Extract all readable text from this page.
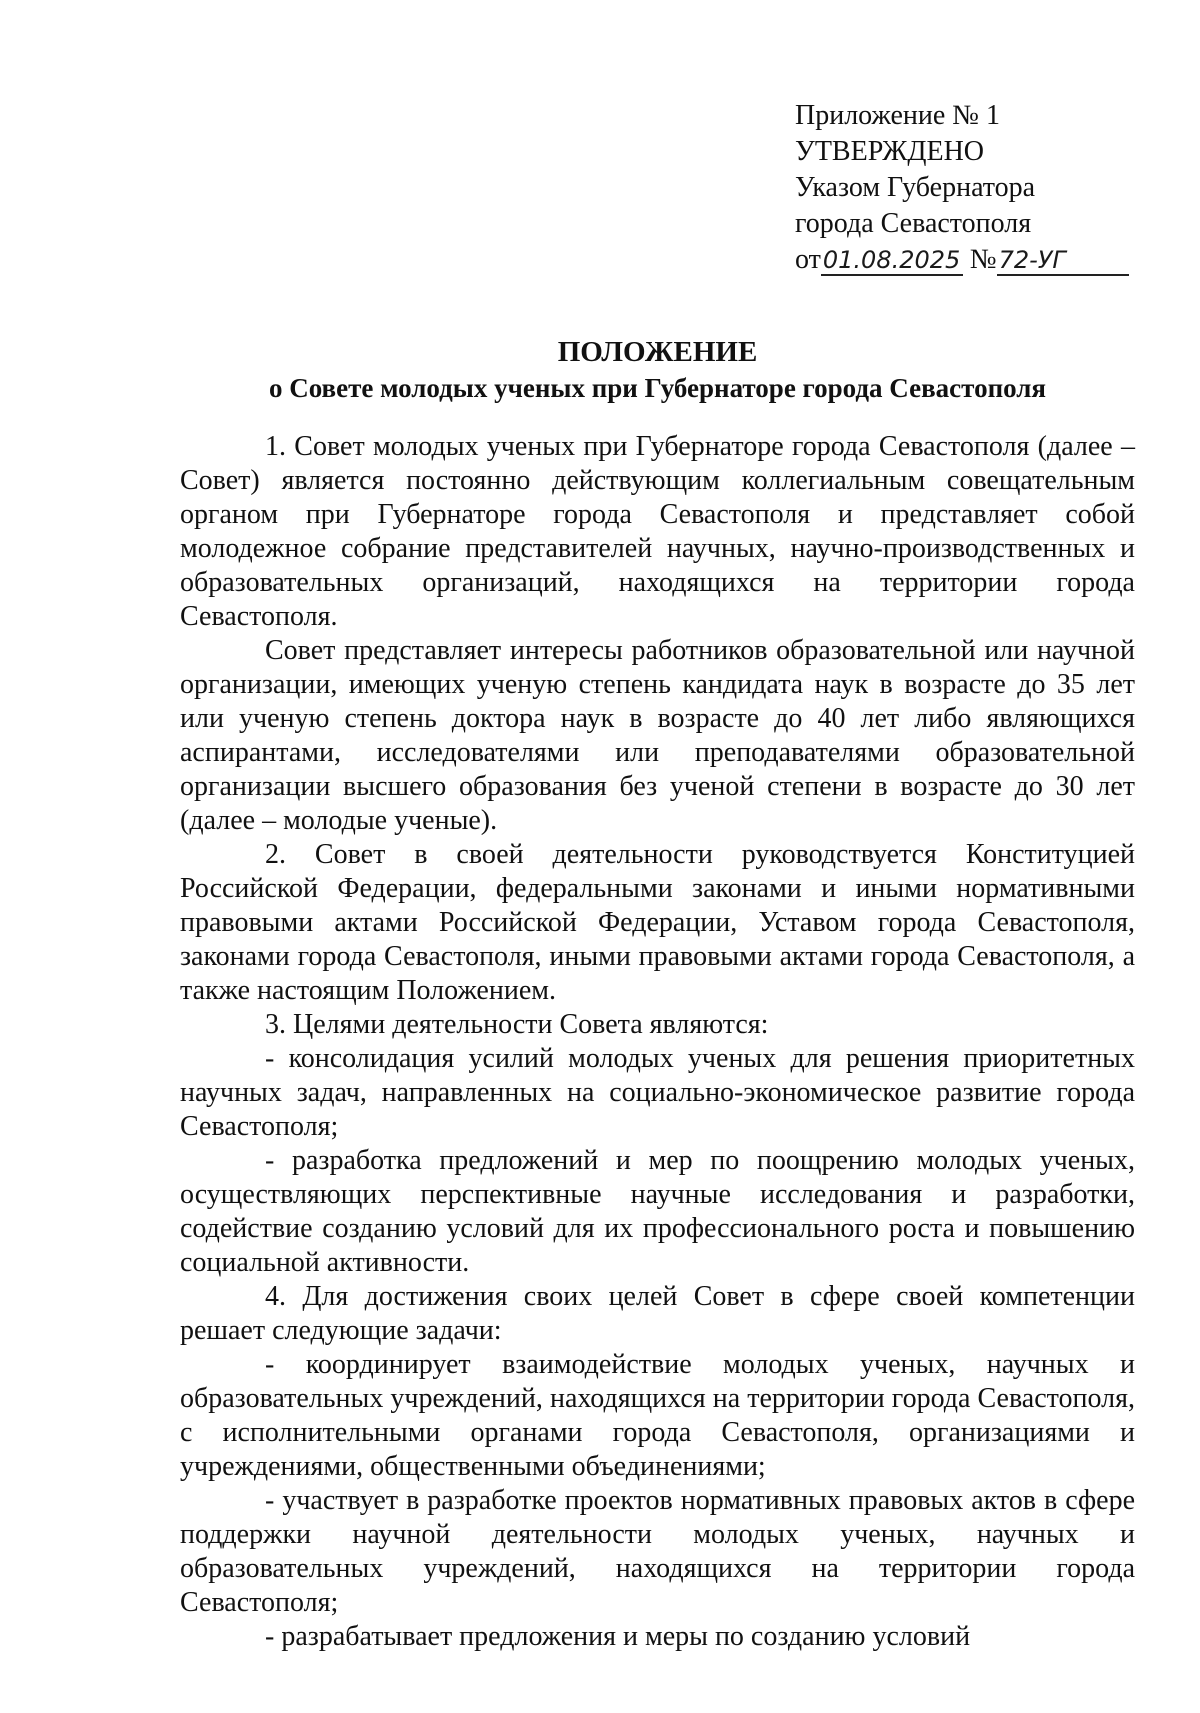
Приложение № 1
УТВЕРЖДЕНО
Указом Губернатора
города Севастополя
от01.08.2025 №72-УГ
ПОЛОЖЕНИЕ
о Совете молодых ученых при Губернаторе города Севастополя

1. Совет молодых ученых при Губернаторе города Севастополя (далее – Совет) является постоянно действующим коллегиальным совещательным органом при Губернаторе города Севастополя и представляет собой молодежное собрание представителей научных, научно-производственных и образовательных организаций, находящихся на территории города Севастополя.

Совет представляет интересы работников образовательной или научной организации, имеющих ученую степень кандидата наук в возрасте до 35 лет или ученую степень доктора наук в возрасте до 40 лет либо являющихся аспирантами, исследователями или преподавателями образовательной организации высшего образования без ученой степени в возрасте до 30 лет (далее – молодые ученые).

2. Совет в своей деятельности руководствуется Конституцией Российской Федерации, федеральными законами и иными нормативными правовыми актами Российской Федерации, Уставом города Севастополя, законами города Севастополя, иными правовыми актами города Севастополя, а также настоящим Положением.

3. Целями деятельности Совета являются:

- консолидация усилий молодых ученых для решения приоритетных научных задач, направленных на социально-экономическое развитие города Севастополя;

- разработка предложений и мер по поощрению молодых ученых, осуществляющих перспективные научные исследования и разработки, содействие созданию условий для их профессионального роста и повышению социальной активности.

4. Для достижения своих целей Совет в сфере своей компетенции решает следующие задачи:

- координирует взаимодействие молодых ученых, научных и образовательных учреждений, находящихся на территории города Севастополя, с исполнительными органами города Севастополя, организациями и учреждениями, общественными объединениями;

- участвует в разработке проектов нормативных правовых актов в сфере поддержки научной деятельности молодых ученых, научных и образовательных учреждений, находящихся на территории города Севастополя;

- разрабатывает предложения и меры по созданию условий
